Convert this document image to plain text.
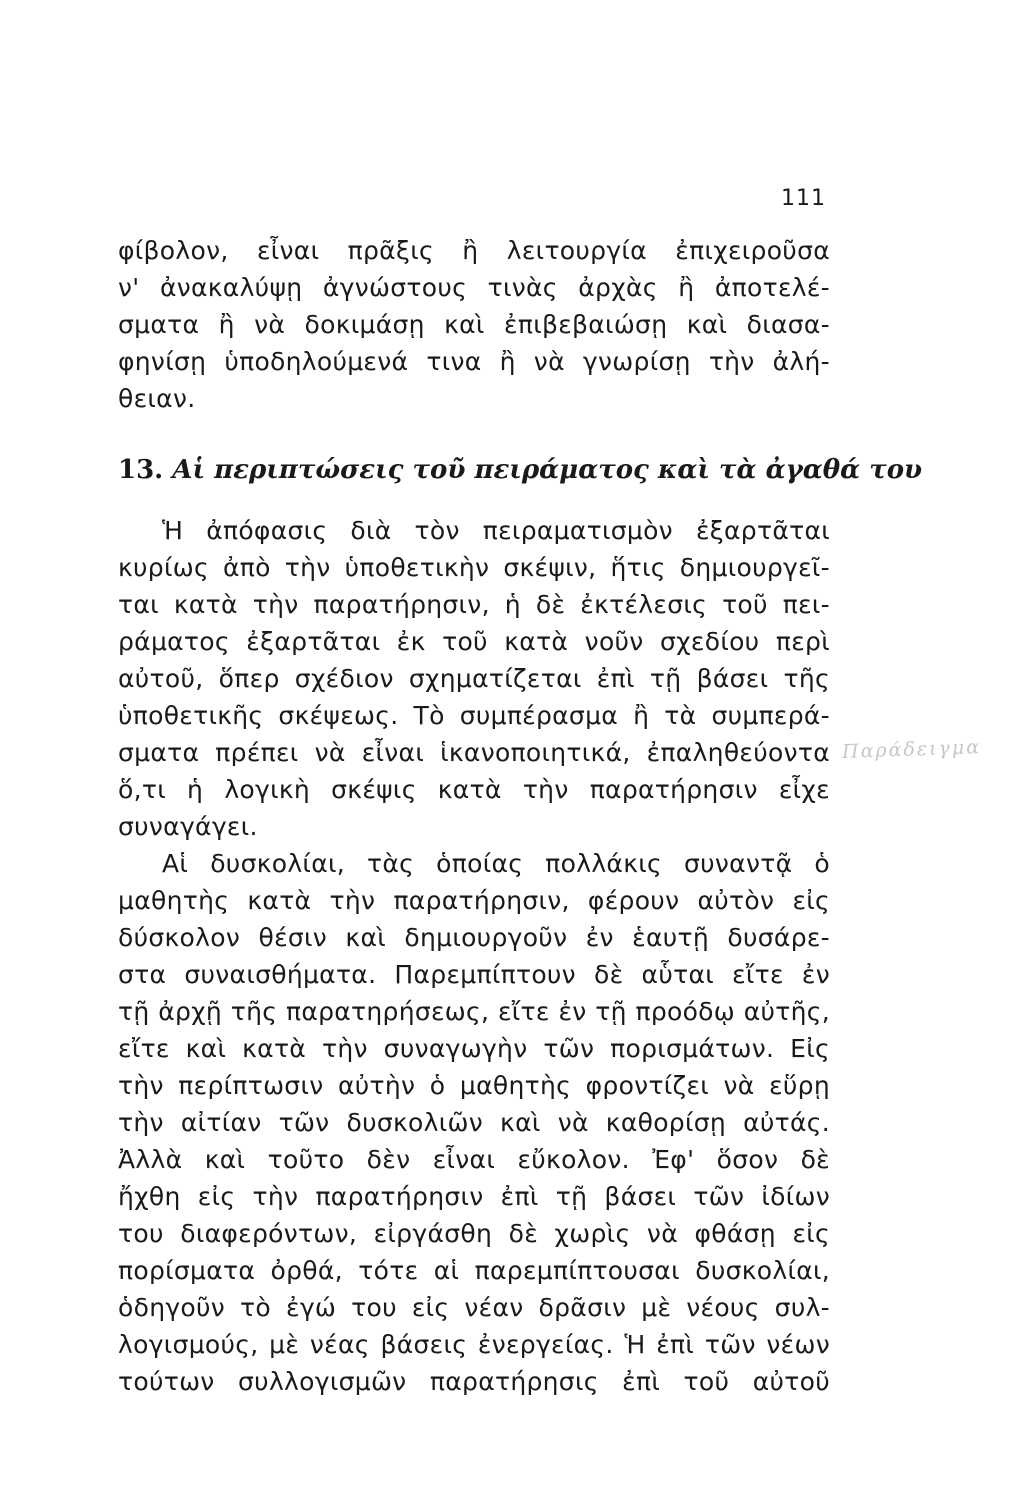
111
φίβολον, εἶναι πρᾶξις ἢ λειτουργία ἐπιχειροῦσα
ν' ἀνακαλύψῃ ἀγνώστους τινὰς ἀρχὰς ἢ ἀποτελέ-
σματα ἢ νὰ δοκιμάσῃ καὶ ἐπιβεβαιώσῃ καὶ διασα-
φηνίσῃ ὑποδηλούμενά τινα ἢ νὰ γνωρίσῃ τὴν ἀλή-
θειαν.
13. Αἱ περιπτώσεις τοῦ πειράματος καὶ τὰ ἀγαθά του
Ἡ ἀπόφασις διὰ τὸν πειραματισμὸν ἐξαρτᾶται
κυρίως ἀπὸ τὴν ὑποθετικὴν σκέψιν, ἥτις δημιουργεῖ-
ται κατὰ τὴν παρατήρησιν, ἡ δὲ ἐκτέλεσις τοῦ πει-
ράματος ἐξαρτᾶται ἐκ τοῦ κατὰ νοῦν σχεδίου περὶ
αὐτοῦ, ὅπερ σχέδιον σχηματίζεται ἐπὶ τῇ βάσει τῆς
ὑποθετικῆς σκέψεως. Τὸ συμπέρασμα ἢ τὰ συμπερά-
σματα πρέπει νὰ εἶναι ἱκανοποιητικά, ἐπαληθεύοντα
ὅ,τι ἡ λογικὴ σκέψις κατὰ τὴν παρατήρησιν εἶχε
συναγάγει.
Αἱ δυσκολίαι, τὰς ὁποίας πολλάκις συναντᾷ ὁ
μαθητὴς κατὰ τὴν παρατήρησιν, φέρουν αὐτὸν εἰς
δύσκολον θέσιν καὶ δημιουργοῦν ἐν ἑαυτῇ δυσάρε-
στα συναισθήματα. Παρεμπίπτουν δὲ αὗται εἴτε ἐν
τῇ ἀρχῇ τῆς παρατηρήσεως, εἴτε ἐν τῇ προόδῳ αὐτῆς,
εἴτε καὶ κατὰ τὴν συναγωγὴν τῶν πορισμάτων. Εἰς
τὴν περίπτωσιν αὐτὴν ὁ μαθητὴς φροντίζει νὰ εὕρῃ
τὴν αἰτίαν τῶν δυσκολιῶν καὶ νὰ καθορίσῃ αὐτάς.
Ἀλλὰ καὶ τοῦτο δὲν εἶναι εὔκολον. Ἐφ' ὅσον δὲ
ἤχθη εἰς τὴν παρατήρησιν ἐπὶ τῇ βάσει τῶν ἰδίων
του διαφερόντων, εἰργάσθη δὲ χωρὶς νὰ φθάσῃ εἰς
πορίσματα ὀρθά, τότε αἱ παρεμπίπτουσαι δυσκολίαι,
ὁδηγοῦν τὸ ἐγώ του εἰς νέαν δρᾶσιν μὲ νέους συλ-
λογισμούς, μὲ νέας βάσεις ἐνεργείας. Ἡ ἐπὶ τῶν νέων
τούτων συλλογισμῶν παρατήρησις ἐπὶ τοῦ αὐτοῦ
Παράδειγμα
